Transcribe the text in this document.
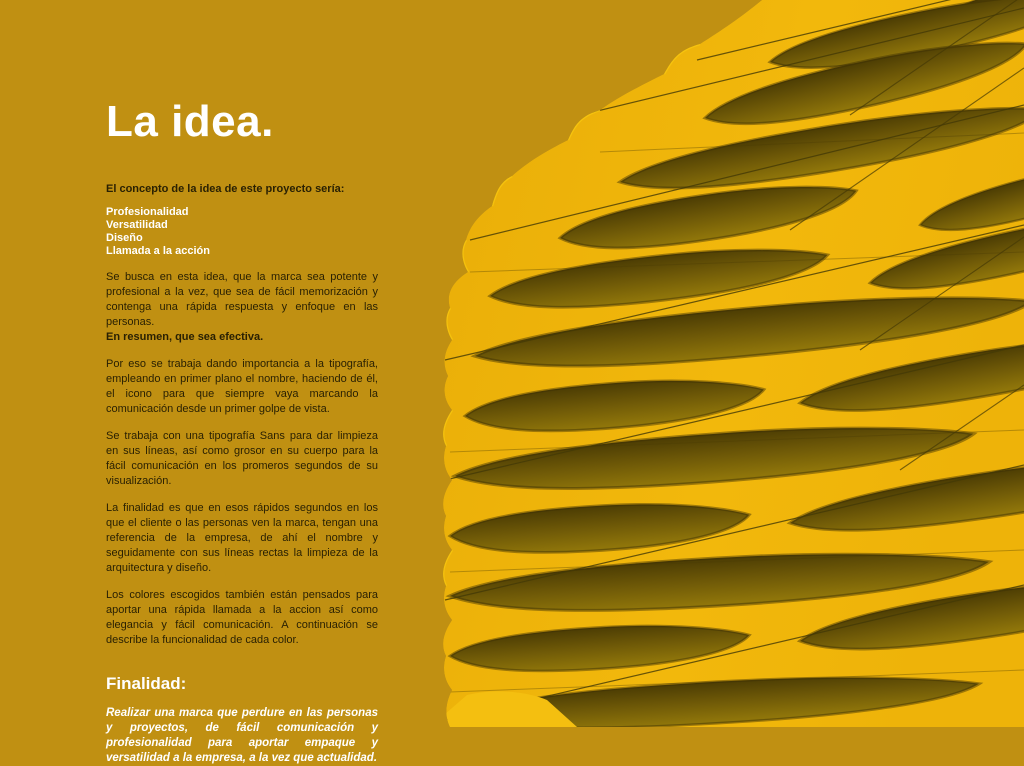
La idea.
El concepto de la idea de este proyecto sería:
Profesionalidad
Versatilidad
Diseño
Llamada a la acción

Se busca en esta idea, que la marca sea potente y profesional a la vez, que sea de fácil memorización y contenga una rápida respuesta y enfoque en las personas.
En resumen, que sea efectiva.

Por eso se trabaja dando importancia a la tipografía, empleando en primer plano el nombre, haciendo de él, el icono para que siempre vaya marcando la comunicación desde un primer golpe de vista.

Se trabaja con una tipografía Sans para dar limpieza en sus líneas, así como grosor en su cuerpo para la fácil comunicación en los promeros segundos de su visualización.

La finalidad es que en esos rápidos segundos en los que el cliente o las personas ven la marca, tengan una referencia de la empresa, de ahí el nombre y seguidamente con sus líneas rectas la limpieza de la arquitectura y diseño.

Los colores escogidos también están pensados para aportar una rápida llamada a la accion así como elegancia y fácil comunicación. A continuación se describe la funcionalidad de cada color.

Finalidad:

Realizar una marca que perdure en las personas y proyectos, de fácil comunicación y profesionalidad para aportar empaque y versatilidad a la empresa, a la vez que actualidad.
